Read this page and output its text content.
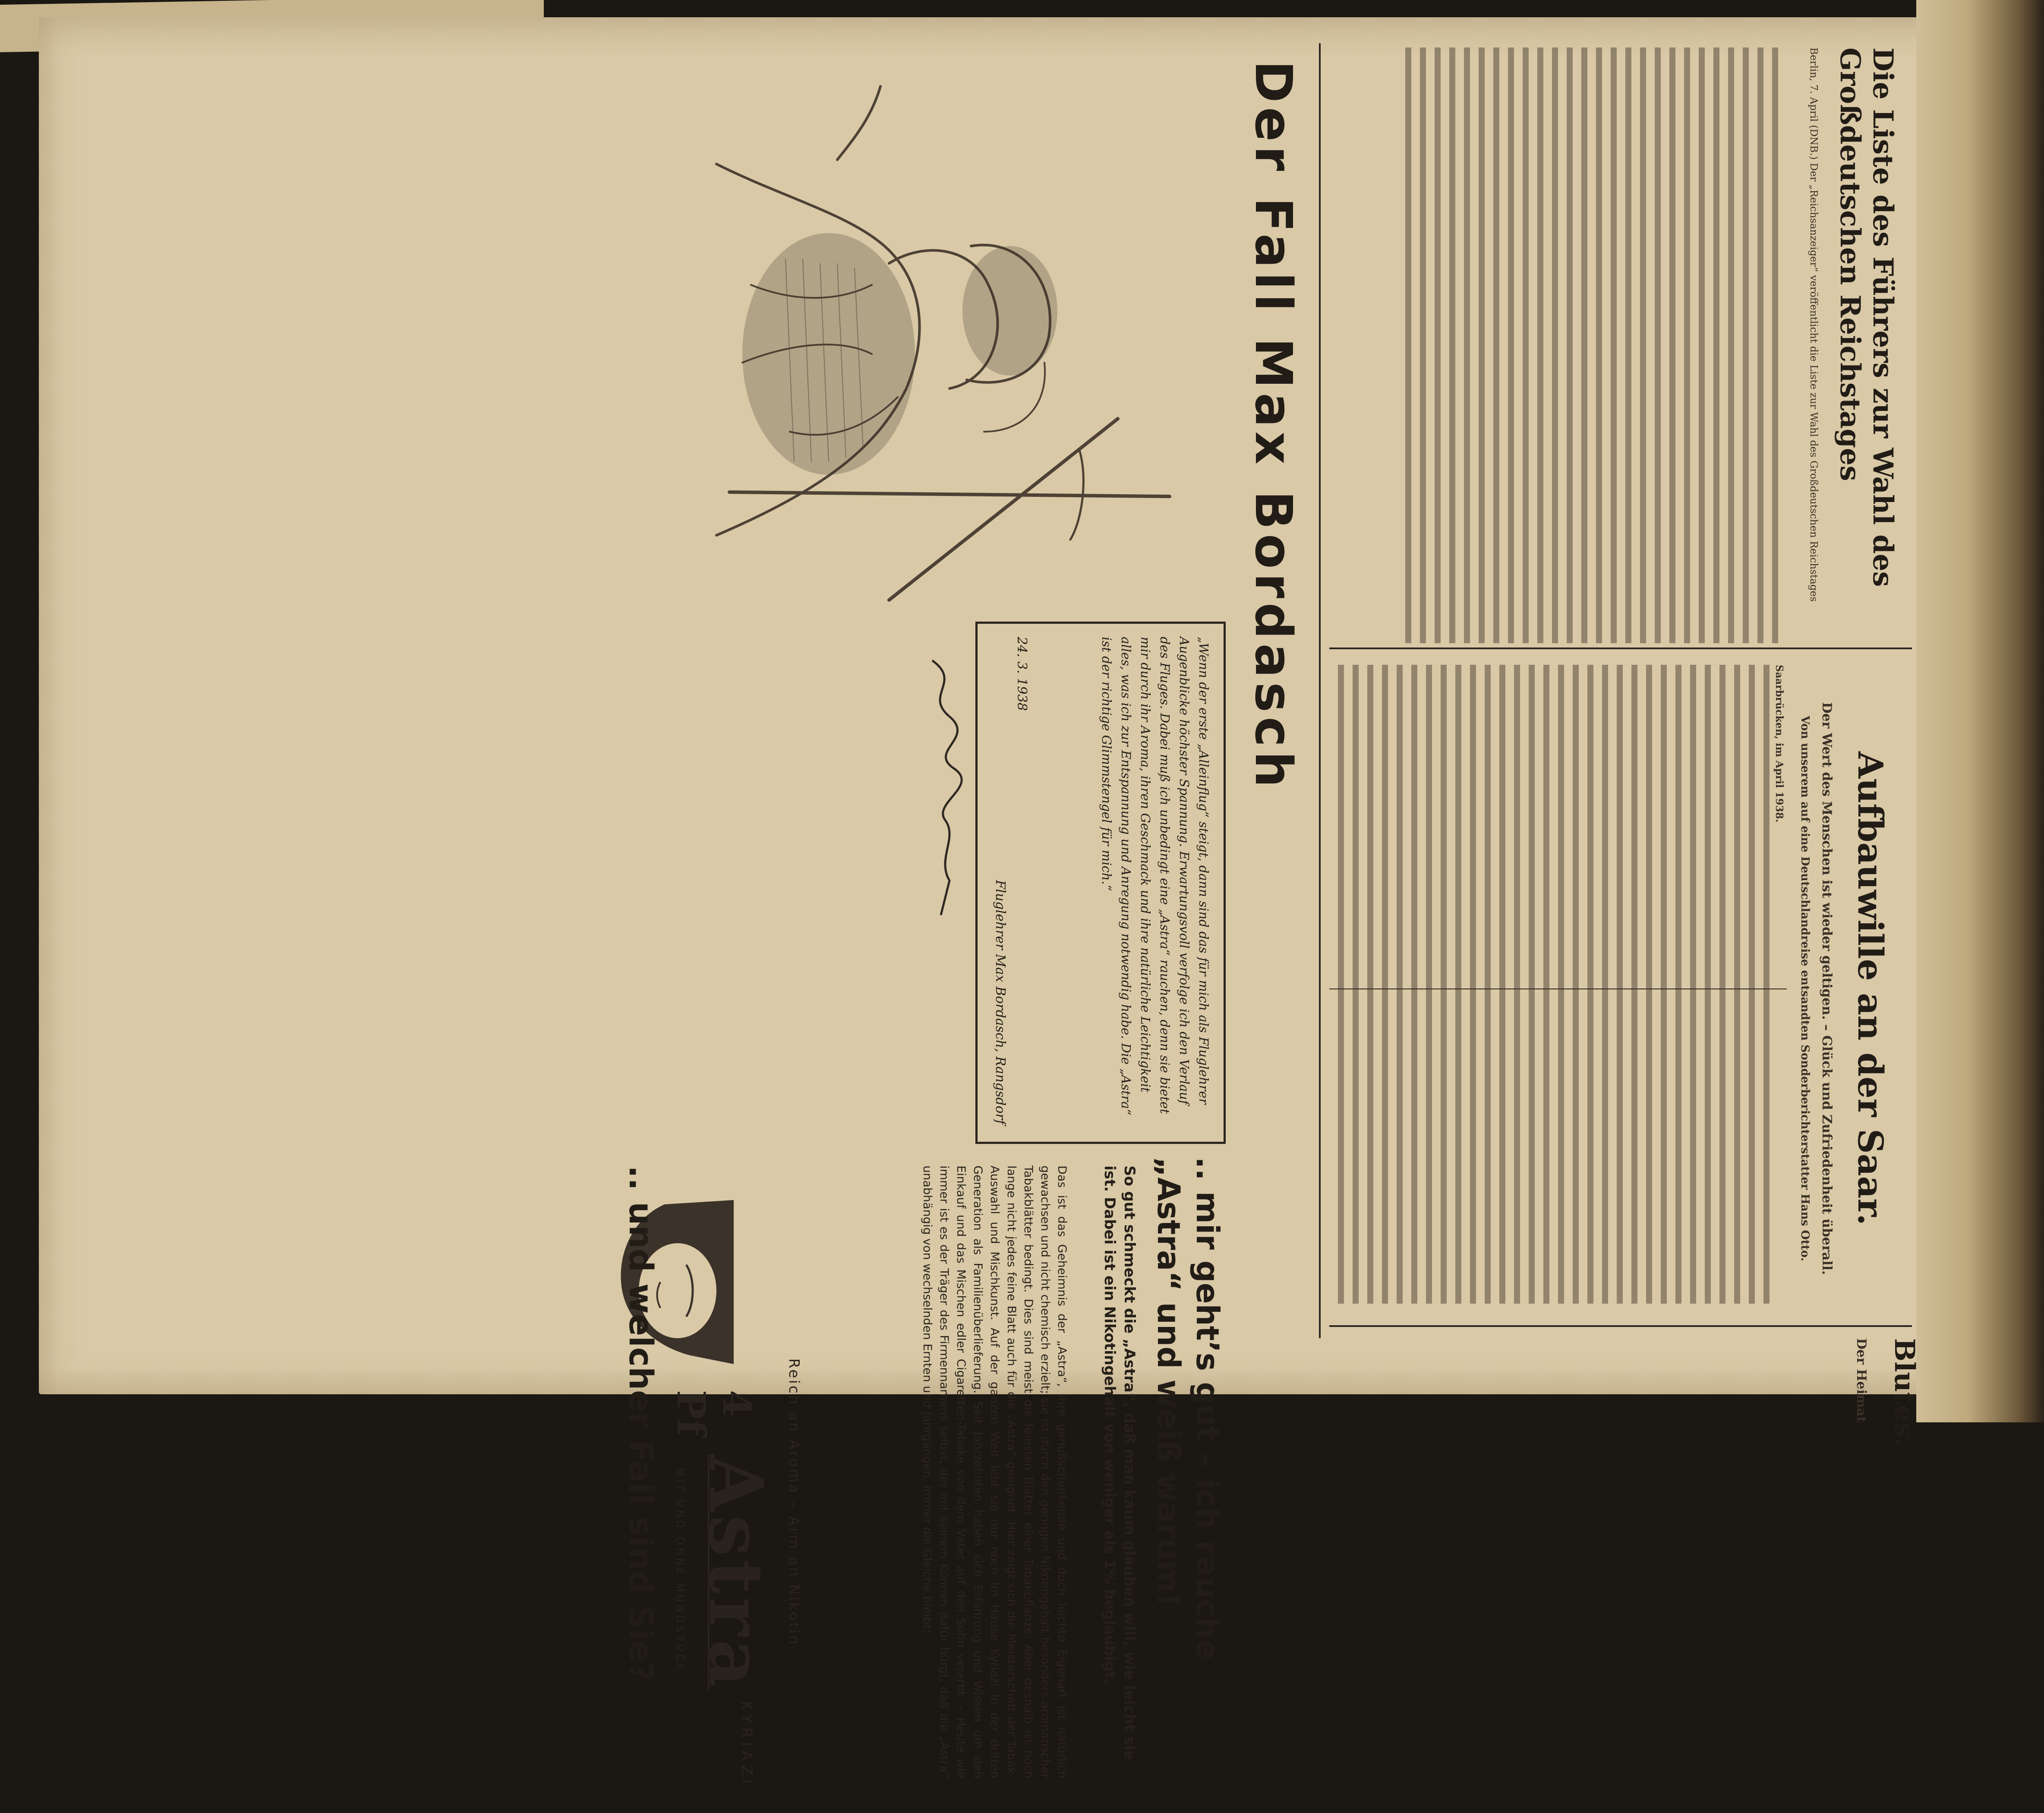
Die Liste des Führers zur Wahl des Großdeutschen Reichstages
Berlin, 7. April (DNB.) Der „Reichsanzeiger“ veröffentlicht die Liste zur Wahl des Großdeutschen Reichstages
Aufbauwille an der Saar.
Der Wert des Menschen ist wieder geltigen. – Glück und Zufriedenheit überall.
Von unserem auf eine Deutschlandreise entsandten Sonderberichterstatter Hans Otto.
Saarbrücken, im April 1938.
Blutes.
Der Heimat
Der Fall Max Bordasch
„Wenn der erste „Alleinflug“ steigt, dann sind das für mich als Fluglehrer Augenblicke höchster Spannung. Erwartungsvoll verfolge ich den Verlauf des Fluges. Dabei muß ich unbedingt eine „Astra“ rauchen, denn sie bietet mir durch ihr Aroma, ihren Geschmack und ihre natürliche Leichtigkeit alles, was ich zur Entspannung und Anregung notwendig habe. Die „Astra“ ist der richtige Glimmstengel für mich.“
24. 3. 1938
Fluglehrer Max Bordasch, Rangsdorf
.. mir geht’s gut – ich rauche
„Astra“ und weiß warum!
So gut schmeckt die „Astra“, daß man kaum glauben will, wie leicht sie ist. Dabei ist ein Nikotingehalt von weniger als 1% beglaubigt.
Das ist das Geheimnis der „Astra“, ihre genußschenkende und doch leichte Eigenart ist natürlich gewachsen und nicht chemisch erzielt; sie ist durch den geringen Nikotingehalt besonders aromatischer Tabakblätter bedingt. Dies sind meist die feinsten Blätter einer Tabakpflanze. Aber deshalb ist noch lange nicht jedes feine Blatt auch für die „Astra“ geeignet. Hier zeigt sich die Meisterschaft der Tabak-Auswahl und Mischkunst. Auf der ganzen Welt lebt sie nur noch im Hause Kyriazi in der dritten Generation als Familienüberlieferung. Seit Jahrzehnten haben sich Erfahrung und Wissen um den Einkauf und das Mischen edler Cigaretten-Tabake von dem Vater auf den Sohn vererbt. – Heute wie immer ist es der Träger des Firmennamens selbst, der mit seinem Können dafür bürgt, daß die „Astra“ unabhängig von wechselnden Ernten und Jahrgängen, immer die Gleiche bleibt:
Reich an Aroma – Arm an Nikotin
4 Pf
Astra
KYRIAZI
MIT UND OHNE MUNDSTÜCK
.. und welcher Fall sind Sie?
